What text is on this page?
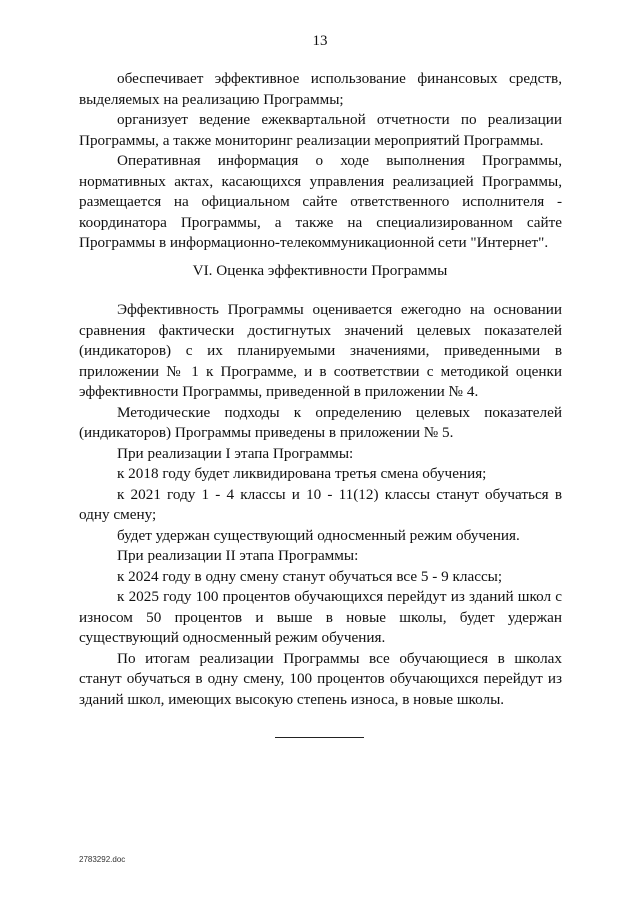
13

обеспечивает эффективное использование финансовых средств, выделяемых на реализацию Программы;

организует ведение ежеквартальной отчетности по реализации Программы, а также мониторинг реализации мероприятий Программы.

Оперативная информация о ходе выполнения Программы, нормативных актах, касающихся управления реализацией Программы, размещается на официальном сайте ответственного исполнителя - координатора Программы, а также на специализированном сайте Программы в информационно-телекоммуникационной сети "Интернет".

VI. Оценка эффективности Программы

Эффективность Программы оценивается ежегодно на основании сравнения фактически достигнутых значений целевых показателей (индикаторов) с их планируемыми значениями, приведенными в приложении № 1 к Программе, и в соответствии с методикой оценки эффективности Программы, приведенной в приложении № 4.

Методические подходы к определению целевых показателей (индикаторов) Программы приведены в приложении № 5.

При реализации I этапа Программы:

к 2018 году будет ликвидирована третья смена обучения;

к 2021 году 1 - 4 классы и 10 - 11(12) классы станут обучаться в одну смену;

будет удержан существующий односменный режим обучения.

При реализации II этапа Программы:

к 2024 году в одну смену станут обучаться все 5 - 9 классы;

к 2025 году 100 процентов обучающихся перейдут из зданий школ с износом 50 процентов и выше в новые школы, будет удержан существующий односменный режим обучения.

По итогам реализации Программы все обучающиеся в школах станут обучаться в одну смену, 100 процентов обучающихся перейдут из зданий школ, имеющих высокую степень износа, в новые школы.

2783292.doc
